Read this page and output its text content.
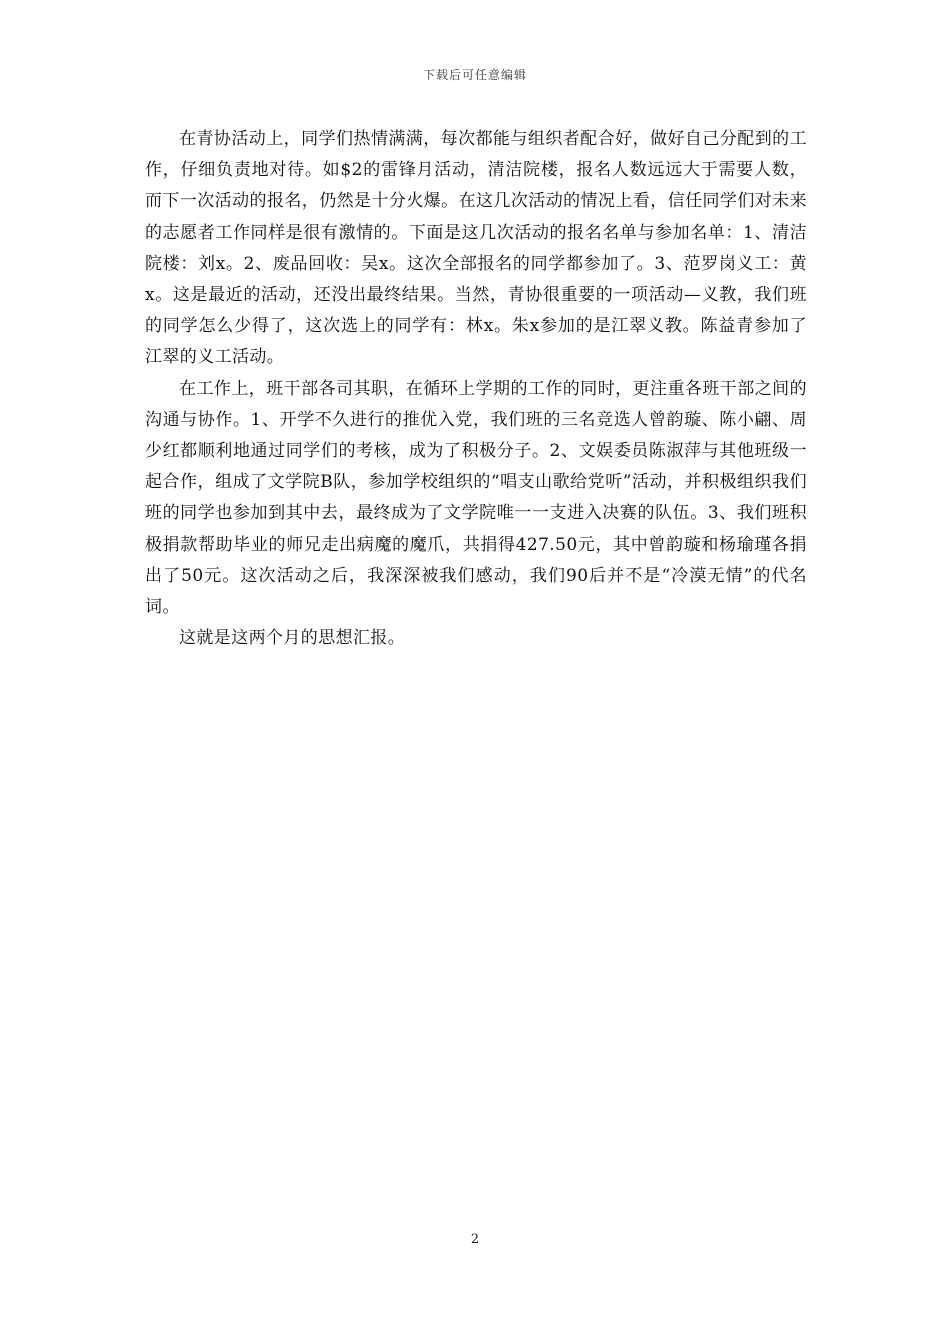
下载后可任意编辑

在青协活动上，同学们热情满满，每次都能与组织者配合好，做好自己分配到的工作，仔细负责地对待。如$2的雷锋月活动，清洁院楼，报名人数远远大于需要人数，而下一次活动的报名，仍然是十分火爆。在这几次活动的情况上看，信任同学们对未来的志愿者工作同样是很有激情的。下面是这几次活动的报名名单与参加名单：1、清洁院楼：刘x。2、废品回收：吴x。这次全部报名的同学都参加了。3、范罗岗义工：黄x。这是最近的活动，还没出最终结果。当然，青协很重要的一项活动—义教，我们班的同学怎么少得了，这次选上的同学有：林x。朱x参加的是江翠义教。陈益青参加了江翠的义工活动。

在工作上，班干部各司其职，在循环上学期的工作的同时，更注重各班干部之间的沟通与协作。1、开学不久进行的推优入党，我们班的三名竞选人曾韵璇、陈小翩、周少红都顺利地通过同学们的考核，成为了积极分子。2、文娱委员陈淑萍与其他班级一起合作，组成了文学院B队，参加学校组织的“唱支山歌给党听”活动，并积极组织我们班的同学也参加到其中去，最终成为了文学院唯一一支进入决赛的队伍。3、我们班积极捐款帮助毕业的师兄走出病魔的魔爪，共捐得427.50元，其中曾韵璇和杨瑜瑾各捐出了50元。这次活动之后，我深深被我们感动，我们90后并不是“冷漠无情”的代名词。

这就是这两个月的思想汇报。

2
